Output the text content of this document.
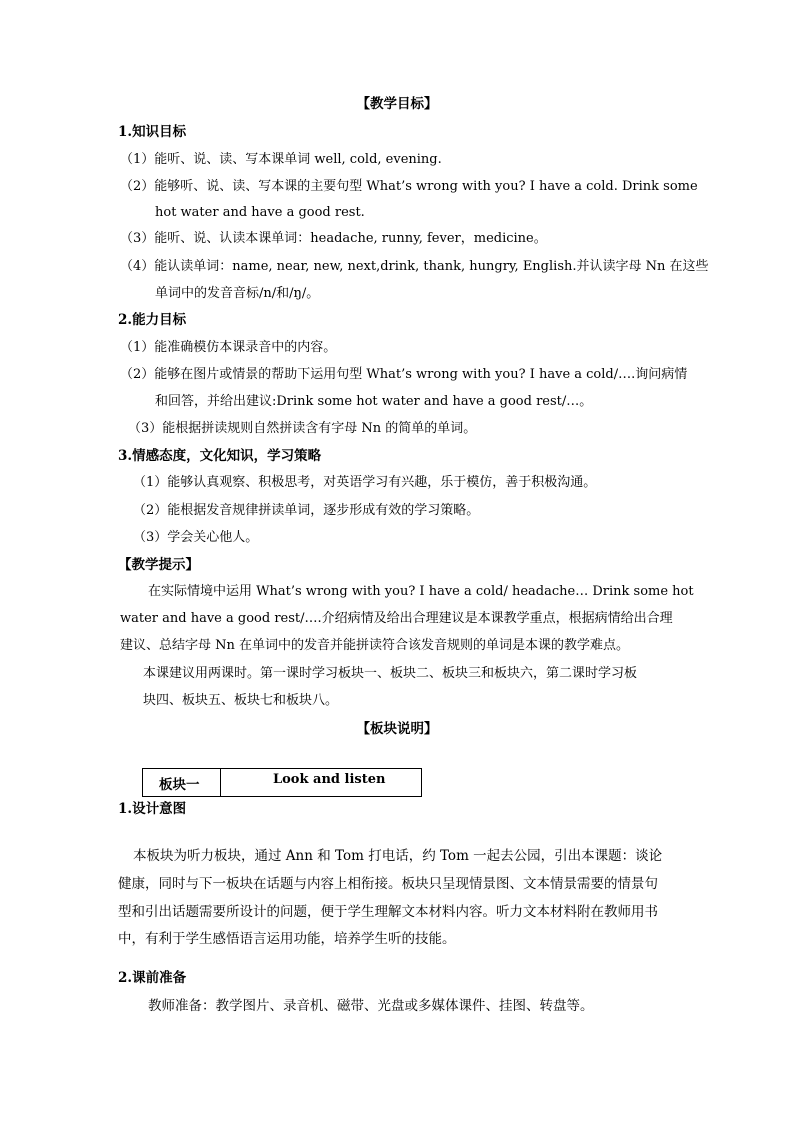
【教学目标】
1.知识目标
（1）能听、说、读、写本课单词 well, cold, evening.
（2）能够听、说、读、写本课的主要句型 What’s wrong with you? I have a cold. Drink some
hot water and have a good rest.
（3）能听、说、认读本课单词：headache, runny, fever，medicine。
（4）能认读单词：name, near, new, next,drink, thank, hungry, English.并认读字母 Nn 在这些
单词中的发音音标/n/和/ŋ/。
2.能力目标
（1）能准确模仿本课录音中的内容。
（2）能够在图片或情景的帮助下运用句型 What’s wrong with you? I have a cold/….询问病情
和回答，并给出建议:Drink some hot water and have a good rest/…。
（3）能根据拼读规则自然拼读含有字母 Nn 的简单的单词。
3.情感态度，文化知识，学习策略
（1）能够认真观察、积极思考，对英语学习有兴趣，乐于模仿，善于积极沟通。
（2）能根据发音规律拼读单词，逐步形成有效的学习策略。
（3）学会关心他人。
【教学提示】
在实际情境中运用 What’s wrong with you? I have a cold/ headache… Drink some hot
water and have a good rest/….介绍病情及给出合理建议是本课教学重点，根据病情给出合理
建议、总结字母 Nn 在单词中的发音并能拼读符合该发音规则的单词是本课的教学难点。
本课建议用两课时。第一课时学习板块一、板块二、板块三和板块六，第二课时学习板
块四、板块五、板块七和板块八。
【板块说明】
板块一	Look and listen
1.设计意图
本板块为听力板块，通过 Ann 和 Tom 打电话，约 Tom 一起去公园，引出本课题：谈论
健康，同时与下一板块在话题与内容上相衔接。板块只呈现情景图、文本情景需要的情景句
型和引出话题需要所设计的问题，便于学生理解文本材料内容。听力文本材料附在教师用书
中，有利于学生感悟语言运用功能，培养学生听的技能。
2.课前准备
教师准备：教学图片、录音机、磁带、光盘或多媒体课件、挂图、转盘等。
